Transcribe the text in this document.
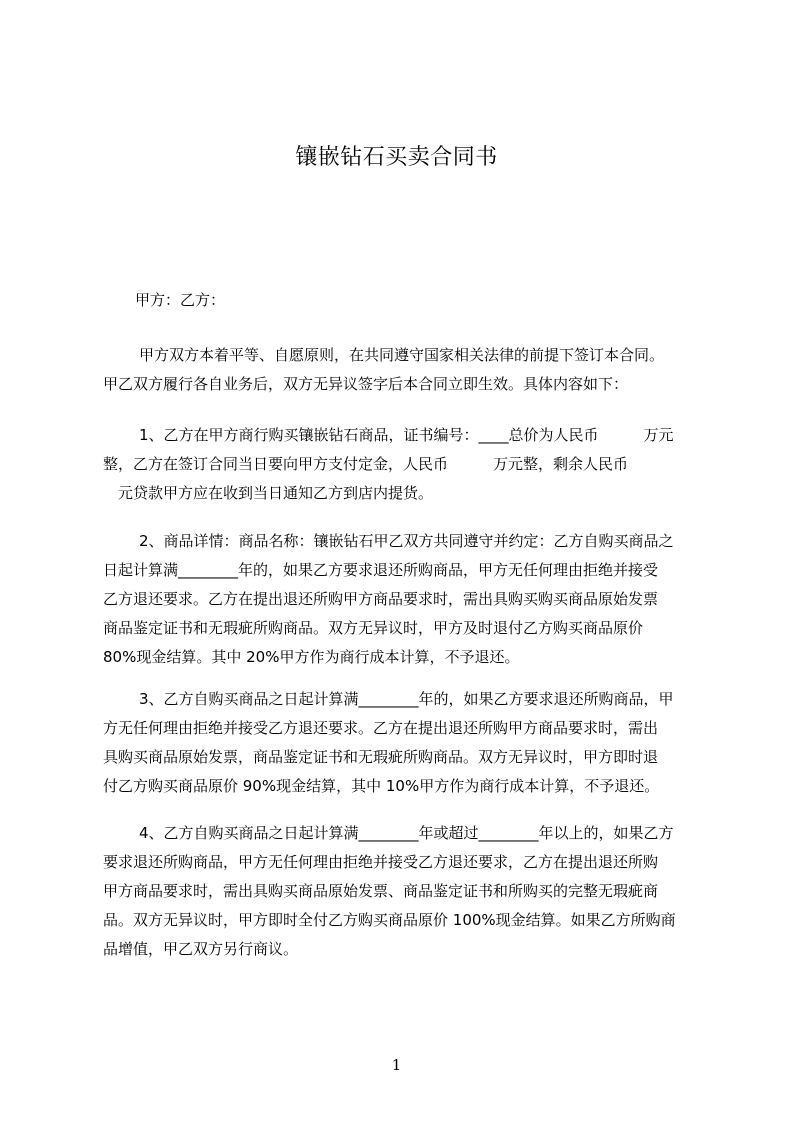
镶嵌钻石买卖合同书
甲方：乙方：
甲方双方本着平等、自愿原则，在共同遵守国家相关法律的前提下签订本合同。
甲乙双方履行各自业务后，双方无异议签字后本合同立即生效。具体内容如下：
1、乙方在甲方商行购买镶嵌钻石商品，证书编号：____总价为人民币　　　万元
整，乙方在签订合同当日要向甲方支付定金，人民币　　　万元整，剩余人民币
　元贷款甲方应在收到当日通知乙方到店内提货。
2、商品详情：商品名称：镶嵌钻石甲乙双方共同遵守并约定：乙方自购买商品之
日起计算满________年的，如果乙方要求退还所购商品，甲方无任何理由拒绝并接受
乙方退还要求。乙方在提出退还所购甲方商品要求时，需出具购买购买商品原始发票
商品鉴定证书和无瑕疵所购商品。双方无异议时，甲方及时退付乙方购买商品原价
80%现金结算。其中 20%甲方作为商行成本计算，不予退还。
3、乙方自购买商品之日起计算满________年的，如果乙方要求退还所购商品，甲
方无任何理由拒绝并接受乙方退还要求。乙方在提出退还所购甲方商品要求时，需出
具购买商品原始发票，商品鉴定证书和无瑕疵所购商品。双方无异议时，甲方即时退
付乙方购买商品原价 90%现金结算，其中 10%甲方作为商行成本计算，不予退还。
4、乙方自购买商品之日起计算满________年或超过________年以上的，如果乙方
要求退还所购商品，甲方无任何理由拒绝并接受乙方退还要求，乙方在提出退还所购
甲方商品要求时，需出具购买商品原始发票、商品鉴定证书和所购买的完整无瑕疵商
品。双方无异议时，甲方即时全付乙方购买商品原价 100%现金结算。如果乙方所购商
品增值，甲乙双方另行商议。
1
